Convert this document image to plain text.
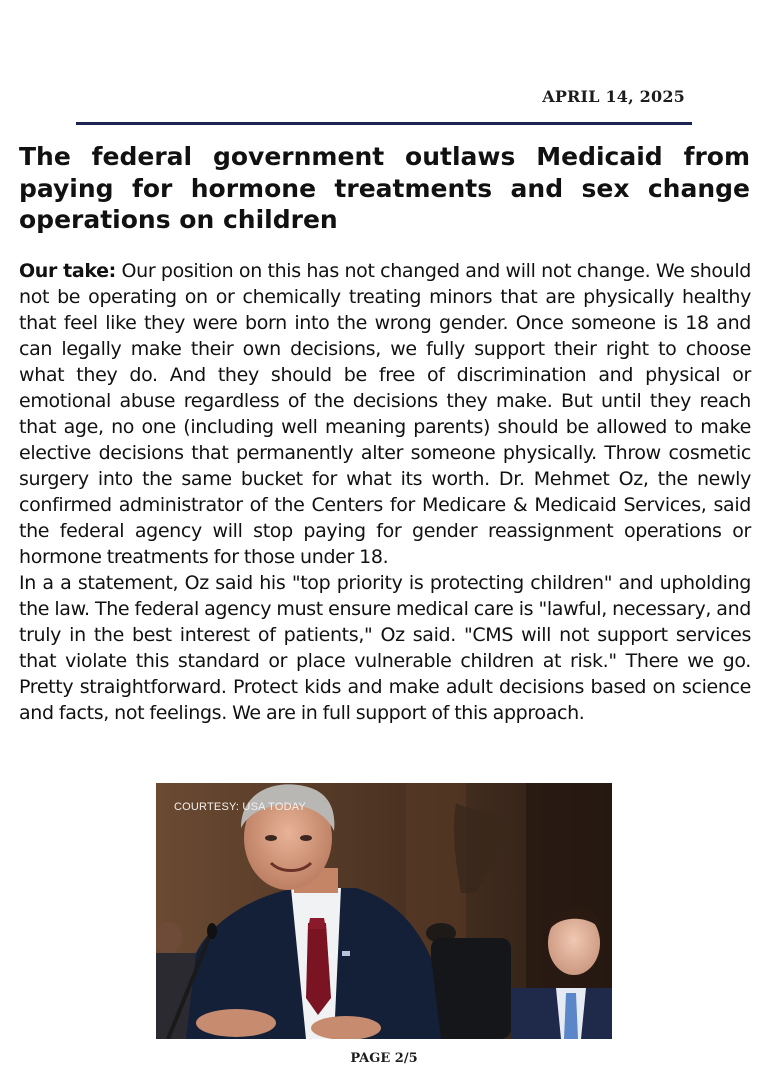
APRIL 14, 2025
The federal government outlaws Medicaid from paying for hormone treatments and sex change operations on children

Our take: Our position on this has not changed and will not change. We should not be operating on or chemically treating minors that are physically healthy that feel like they were born into the wrong gender. Once someone is 18 and can legally make their own decisions, we fully support their right to choose what they do. And they should be free of discrimination and physical or emotional abuse regardless of the decisions they make. But until they reach that age, no one (including well meaning parents) should be allowed to make elective decisions that permanently alter someone physically. Throw cosmetic surgery into the same bucket for what its worth. Dr. Mehmet Oz, the newly confirmed administrator of the Centers for Medicare & Medicaid Services, said the federal agency will stop paying for gender reassignment operations or hormone treatments for those under 18.

In a a statement, Oz said his "top priority is protecting children" and upholding the law. The federal agency must ensure medical care is "lawful, necessary, and truly in the best interest of patients," Oz said. "CMS will not support services that violate this standard or place vulnerable children at risk." There we go. Pretty straightforward. Protect kids and make adult decisions based on science and facts, not feelings. We are in full support of this approach.

COURTESY: USA TODAY
PAGE 2/5
